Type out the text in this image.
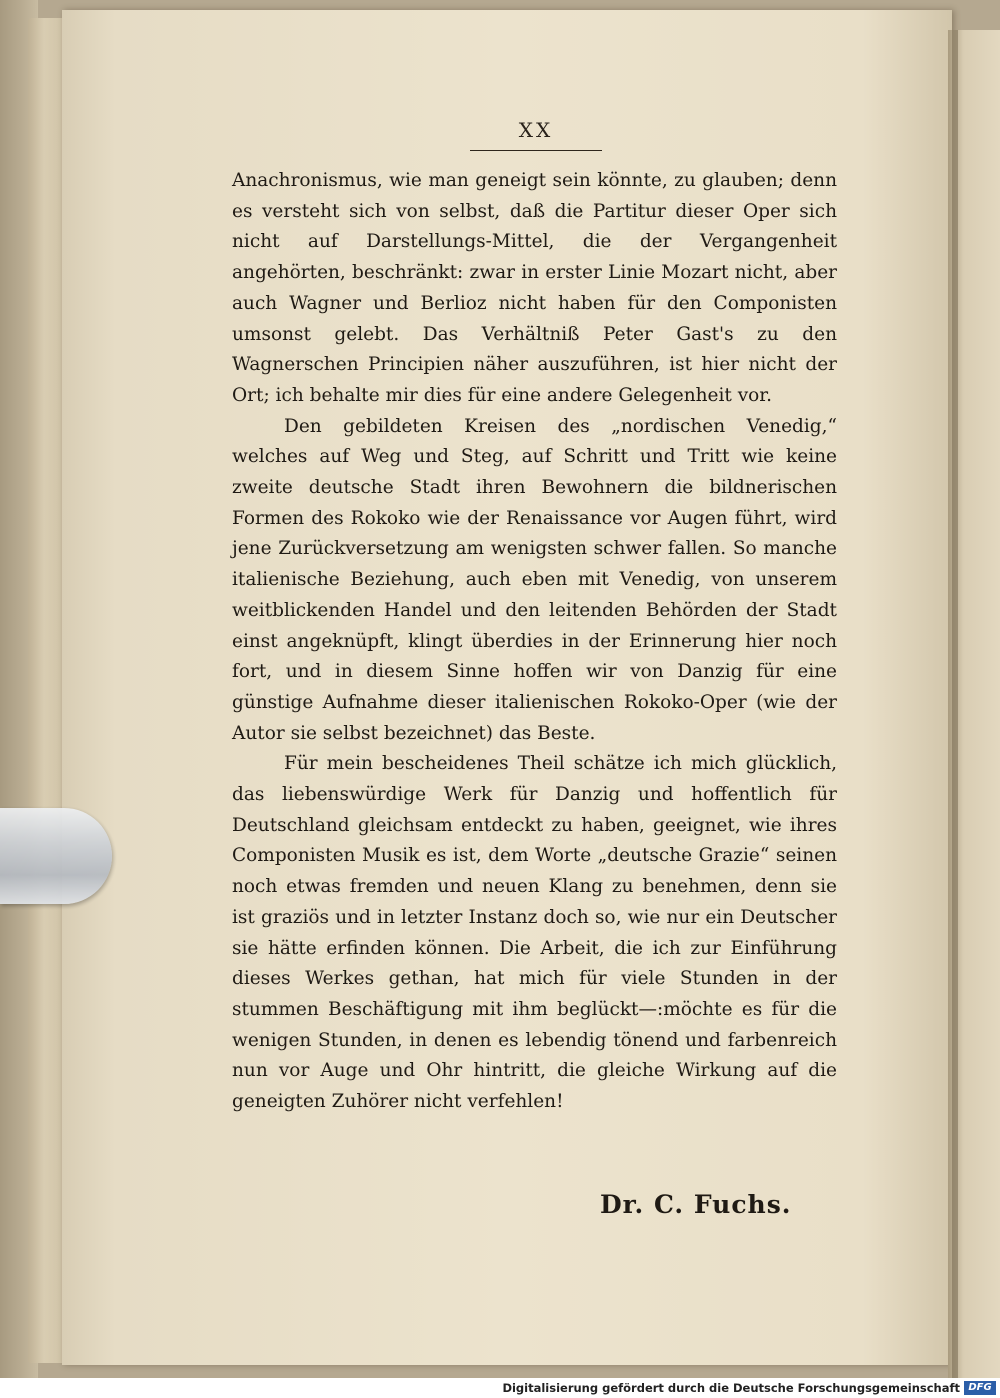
XX

Anachronismus, wie man geneigt sein könnte, zu glauben; denn es versteht sich von selbst, daß die Partitur dieser Oper sich nicht auf Darstellungs-Mittel, die der Vergangenheit angehörten, beschränkt: zwar in erster Linie Mozart nicht, aber auch Wagner und Berlioz nicht haben für den Componisten umsonst gelebt. Das Verhältniß Peter Gast's zu den Wagnerschen Principien näher auszuführen, ist hier nicht der Ort; ich behalte mir dies für eine andere Gelegenheit vor.

Den gebildeten Kreisen des „nordischen Venedig,“ welches auf Weg und Steg, auf Schritt und Tritt wie keine zweite deutsche Stadt ihren Bewohnern die bildnerischen Formen des Rokoko wie der Renaissance vor Augen führt, wird jene Zurückversetzung am wenigsten schwer fallen. So manche italienische Beziehung, auch eben mit Venedig, von unserem weitblickenden Handel und den leitenden Behörden der Stadt einst angeknüpft, klingt überdies in der Erinnerung hier noch fort, und in diesem Sinne hoffen wir von Danzig für eine günstige Aufnahme dieser italienischen Rokoko-Oper (wie der Autor sie selbst bezeichnet) das Beste.

Für mein bescheidenes Theil schätze ich mich glücklich, das liebenswürdige Werk für Danzig und hoffentlich für Deutschland gleichsam entdeckt zu haben, geeignet, wie ihres Componisten Musik es ist, dem Worte „deutsche Grazie“ seinen noch etwas fremden und neuen Klang zu benehmen, denn sie ist graziös und in letzter Instanz doch so, wie nur ein Deutscher sie hätte erfinden können. Die Arbeit, die ich zur Einführung dieses Werkes gethan, hat mich für viele Stunden in der stummen Beschäftigung mit ihm beglückt—:möchte es für die wenigen Stunden, in denen es lebendig tönend und farbenreich nun vor Auge und Ohr hintritt, die gleiche Wirkung auf die geneigten Zuhörer nicht verfehlen!

Dr. C. Fuchs.
Digitalisierung gefördert durch die Deutsche Forschungsgemeinschaft DFG
